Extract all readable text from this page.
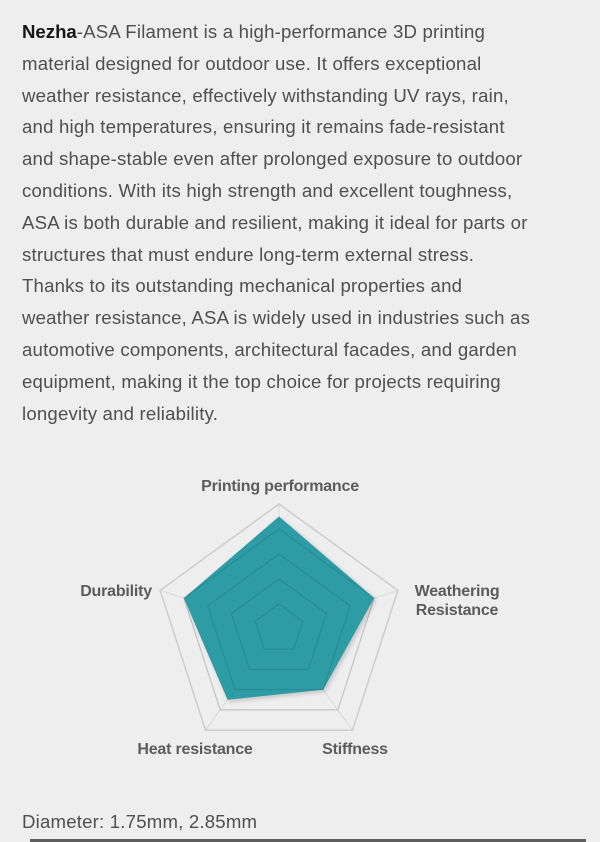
Nezha-ASA Filament is a high-performance 3D printing
material designed for outdoor use. It offers exceptional
weather resistance, effectively withstanding UV rays, rain,
and high temperatures, ensuring it remains fade-resistant
and shape-stable even after prolonged exposure to outdoor
conditions. With its high strength and excellent toughness,
ASA is both durable and resilient, making it ideal for parts or
structures that must endure long-term external stress.
Thanks to its outstanding mechanical properties and
weather resistance, ASA is widely used in industries such as
automotive components, architectural facades, and garden
equipment, making it the top choice for projects requiring
longevity and reliability.
Printing performance
Weathering Resistance
Stiffness
Heat resistance
Durability
Diameter: 1.75mm, 2.85mm
